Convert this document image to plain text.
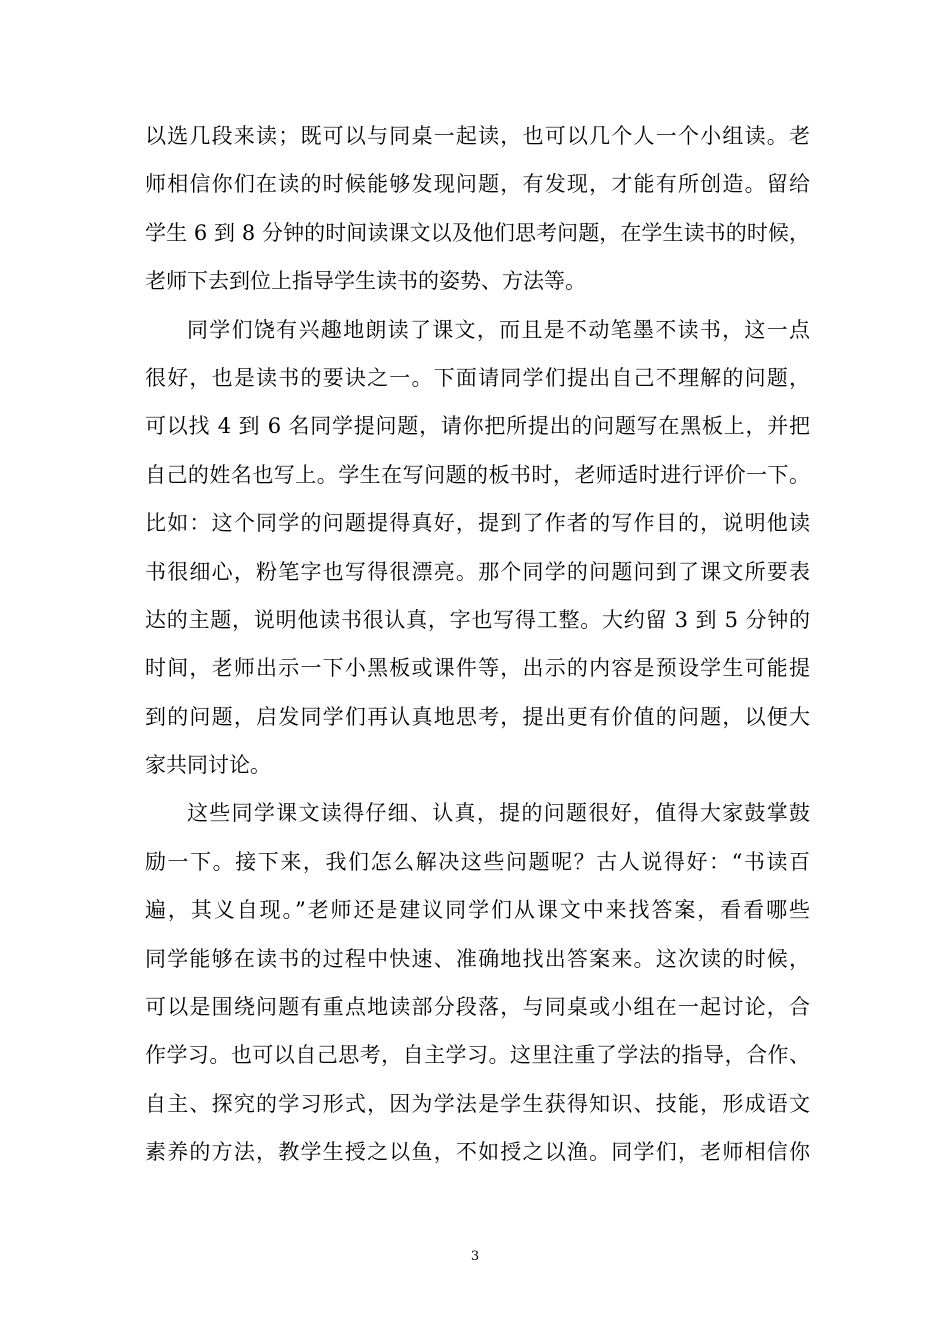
以选几段来读；既可以与同桌一起读，也可以几个人一个小组读。老
师相信你们在读的时候能够发现问题，有发现，才能有所创造。留给
学生 6 到 8 分钟的时间读课文以及他们思考问题，在学生读书的时候，
老师下去到位上指导学生读书的姿势、方法等。
同学们饶有兴趣地朗读了课文，而且是不动笔墨不读书，这一点
很好，也是读书的要诀之一。下面请同学们提出自己不理解的问题，
可以找 4 到 6 名同学提问题，请你把所提出的问题写在黑板上，并把
自己的姓名也写上。学生在写问题的板书时，老师适时进行评价一下。
比如：这个同学的问题提得真好，提到了作者的写作目的，说明他读
书很细心，粉笔字也写得很漂亮。那个同学的问题问到了课文所要表
达的主题，说明他读书很认真，字也写得工整。大约留 3 到 5 分钟的
时间，老师出示一下小黑板或课件等，出示的内容是预设学生可能提
到的问题，启发同学们再认真地思考，提出更有价值的问题，以便大
家共同讨论。
这些同学课文读得仔细、认真，提的问题很好，值得大家鼓掌鼓
励一下。接下来，我们怎么解决这些问题呢？古人说得好：“书读百
遍，其义自现。”老师还是建议同学们从课文中来找答案，看看哪些
同学能够在读书的过程中快速、准确地找出答案来。这次读的时候，
可以是围绕问题有重点地读部分段落，与同桌或小组在一起讨论，合
作学习。也可以自己思考，自主学习。这里注重了学法的指导，合作、
自主、探究的学习形式，因为学法是学生获得知识、技能，形成语文
素养的方法，教学生授之以鱼，不如授之以渔。同学们，老师相信你
3
